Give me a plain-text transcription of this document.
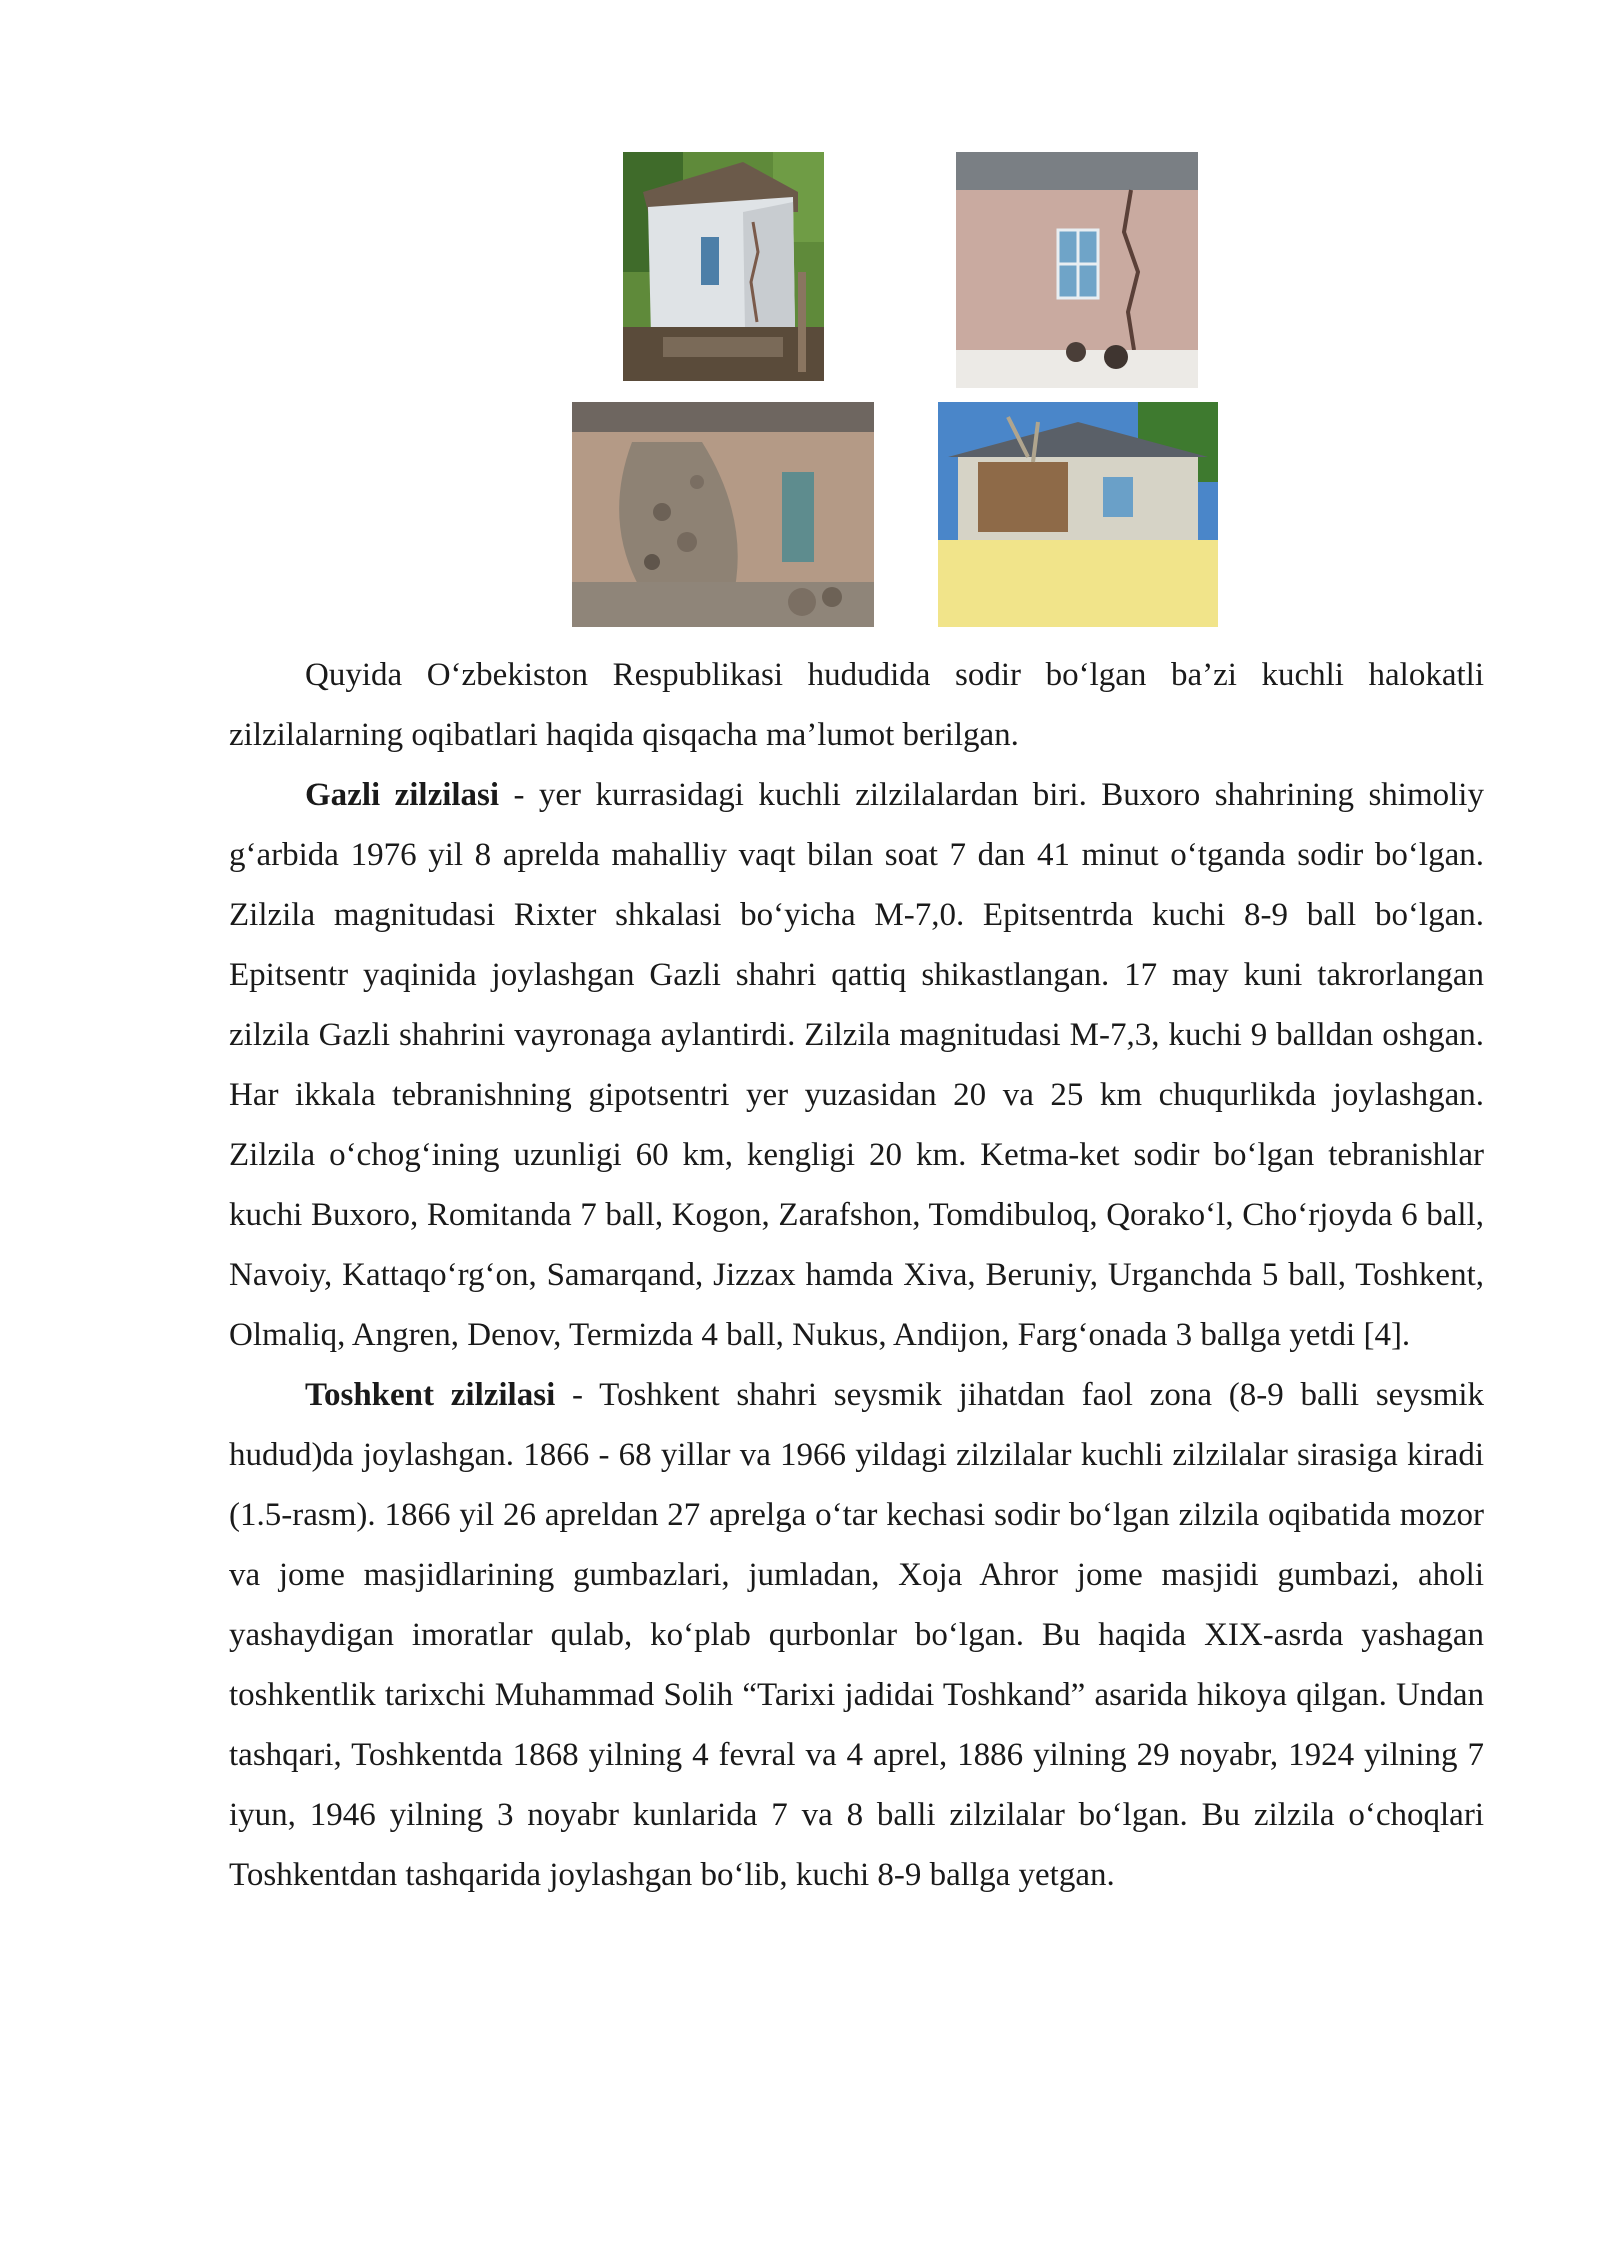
Quyida O‘zbekiston Respublikasi hududida sodir bo‘lgan ba’zi kuchli halokatli zilzilalarning oqibatlari haqida qisqacha ma’lumot berilgan.

Gazli zilzilasi - yer kurrasidagi kuchli zilzilalardan biri. Buxoro shahrining shimoliy g‘arbida 1976 yil 8 aprelda mahalliy vaqt bilan soat 7 dan 41 minut o‘tganda sodir bo‘lgan. Zilzila magnitudasi Rixter shkalasi bo‘yicha M-7,0. Epitsentrda kuchi 8-9 ball bo‘lgan. Epitsentr yaqinida joylashgan Gazli shahri qattiq shikastlangan. 17 may kuni takrorlangan zilzila Gazli shahrini vayronaga aylantirdi. Zilzila magnitudasi M-7,3, kuchi 9 balldan oshgan. Har ikkala tebranishning gipotsentri yer yuzasidan 20 va 25 km chuqurlikda joylashgan. Zilzila o‘chog‘ining uzunligi 60 km, kengligi 20 km. Ketma-ket sodir bo‘lgan tebranishlar kuchi Buxoro, Romitanda 7 ball, Kogon, Zarafshon, Tomdibuloq, Qorako‘l, Cho‘rjoyda 6 ball, Navoiy, Kattaqo‘rg‘on, Samarqand, Jizzax hamda Xiva, Beruniy, Urganchda 5 ball, Toshkent, Olmaliq, Angren, Denov, Termizda 4 ball, Nukus, Andijon, Farg‘onada 3 ballga yetdi [4].

Toshkent zilzilasi - Toshkent shahri seysmik jihatdan faol zona (8-9 balli seysmik hudud)da joylashgan. 1866 - 68 yillar va 1966 yildagi zilzilalar kuchli zilzilalar sirasiga kiradi (1.5-rasm). 1866 yil 26 apreldan 27 aprelga o‘tar kechasi sodir bo‘lgan zilzila oqibatida mozor va jome masjidlarining gumbazlari, jumladan, Xoja Ahror jome masjidi gumbazi, aholi yashaydigan imoratlar qulab, ko‘plab qurbonlar bo‘lgan. Bu haqida XIX-asrda yashagan toshkentlik tarixchi Muhammad Solih “Tarixi jadidai Toshkand” asarida hikoya qilgan. Undan tashqari, Toshkentda 1868 yilning 4 fevral va 4 aprel, 1886 yilning 29 noyabr, 1924 yilning 7 iyun, 1946 yilning 3 noyabr kunlarida 7 va 8 balli zilzilalar bo‘lgan. Bu zilzila o‘choqlari Toshkentdan tashqarida joylashgan bo‘lib, kuchi 8-9 ballga yetgan.
